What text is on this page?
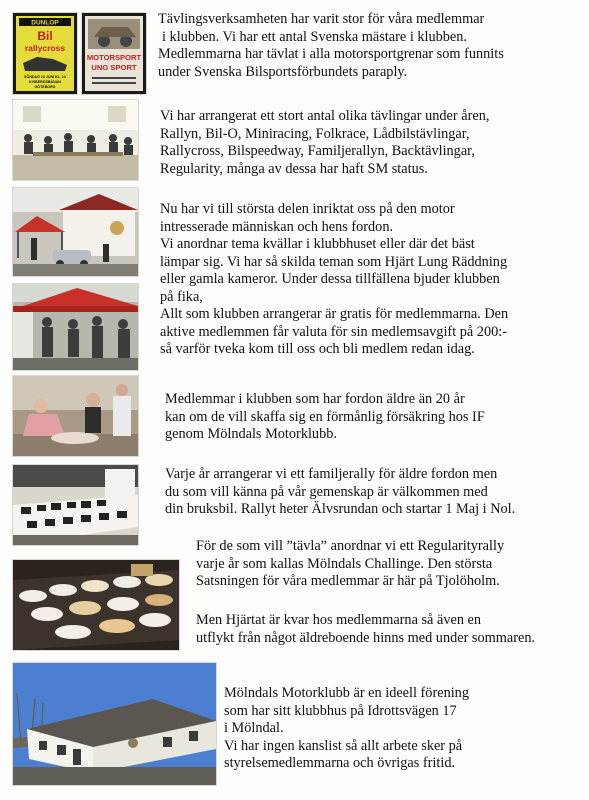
DUNLOP
Bil
rallycross
SÖNDAG 16 JUNI KL. 13
KVIBERGSBANAN
GÖTEBORG
MOTORSPORT
UNG SPORT
Tävlingsverksamheten har varit stor för våra medlemmar
i klubben. Vi har ett antal Svenska mästare i klubben.
Medlemmarna har tävlat i alla motorsportgrenar som funnits
under Svenska Bilsportsförbundets paraply.
Vi har arrangerat ett stort antal olika tävlingar under åren,
Rallyn, Bil-O, Miniracing, Folkrace, Lådbilstävlingar,
Rallycross, Bilspeedway, Familjerallyn, Backtävlingar,
Regularity, många av dessa har haft SM status.
Nu har vi till största delen inriktat oss på den motor
intresserade människan och hens fordon.
Vi anordnar tema kvällar i klubbhuset eller där det bäst
lämpar sig. Vi har så skilda teman som Hjärt Lung Räddning
eller gamla kameror. Under dessa tillfällena bjuder klubben
på fika,
Allt som klubben arrangerar är gratis för medlemmarna. Den
aktive medlemmen får valuta för sin medlemsavgift på 200:-
så varför tveka kom till oss och bli medlem redan idag.
Medlemmar i klubben som har fordon äldre än 20 år
kan om de vill skaffa sig en förmånlig försäkring hos IF
genom Mölndals Motorklubb.
Varje år arrangerar vi ett familjerally för äldre fordon men
du som vill känna på vår gemenskap är välkommen med
din bruksbil. Rallyt heter Älvsrundan och startar 1 Maj i Nol.
För de som vill ”tävla” anordnar vi ett Regularityrally
varje år som kallas Mölndals Challinge. Den största
Satsningen för våra medlemmar är här på Tjolöholm.
Men Hjärtat är kvar hos medlemmarna så även en
utflykt från något äldreboende hinns med under sommaren.
Mölndals Motorklubb är en ideell förening
som har sitt klubbhus på Idrottsvägen 17
i Mölndal.
Vi har ingen kanslist så allt arbete sker på
styrelsemedlemmarna och övrigas fritid.
